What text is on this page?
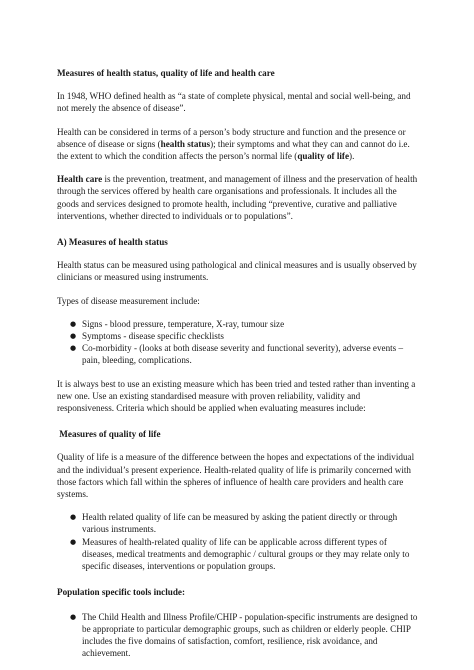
Measures of health status, quality of life and health care

In 1948, WHO defined health as “a state of complete physical, mental and social well-being, and not merely the absence of disease”.

Health can be considered in terms of a person’s body structure and function and the presence or absence of disease or signs (health status); their symptoms and what they can and cannot do i.e. the extent to which the condition affects the person’s normal life (quality of life).

Health care is the prevention, treatment, and management of illness and the preservation of health through the services offered by health care organisations and professionals. It includes all the goods and services designed to promote health, including “preventive, curative and palliative interventions, whether directed to individuals or to populations”.

A) Measures of health status

Health status can be measured using pathological and clinical measures and is usually observed by clinicians or measured using instruments.

Types of disease measurement include:

● Signs - blood pressure, temperature, X-ray, tumour size
● Symptoms - disease specific checklists
● Co-morbidity - (looks at both disease severity and functional severity), adverse events – pain, bleeding, complications.

It is always best to use an existing measure which has been tried and tested rather than inventing a new one. Use an existing standardised measure with proven reliability, validity and responsiveness. Criteria which should be applied when evaluating measures include:

Measures of quality of life

Quality of life is a measure of the difference between the hopes and expectations of the individual and the individual’s present experience. Health-related quality of life is primarily concerned with those factors which fall within the spheres of influence of health care providers and health care systems.

● Health related quality of life can be measured by asking the patient directly or through various instruments.
● Measures of health-related quality of life can be applicable across different types of diseases, medical treatments and demographic / cultural groups or they may relate only to specific diseases, interventions or population groups.

Population specific tools include:

● The Child Health and Illness Profile/CHIP - population-specific instruments are designed to be appropriate to particular demographic groups, such as children or elderly people. CHIP includes the five domains of satisfaction, comfort, resilience, risk avoidance, and achievement.
